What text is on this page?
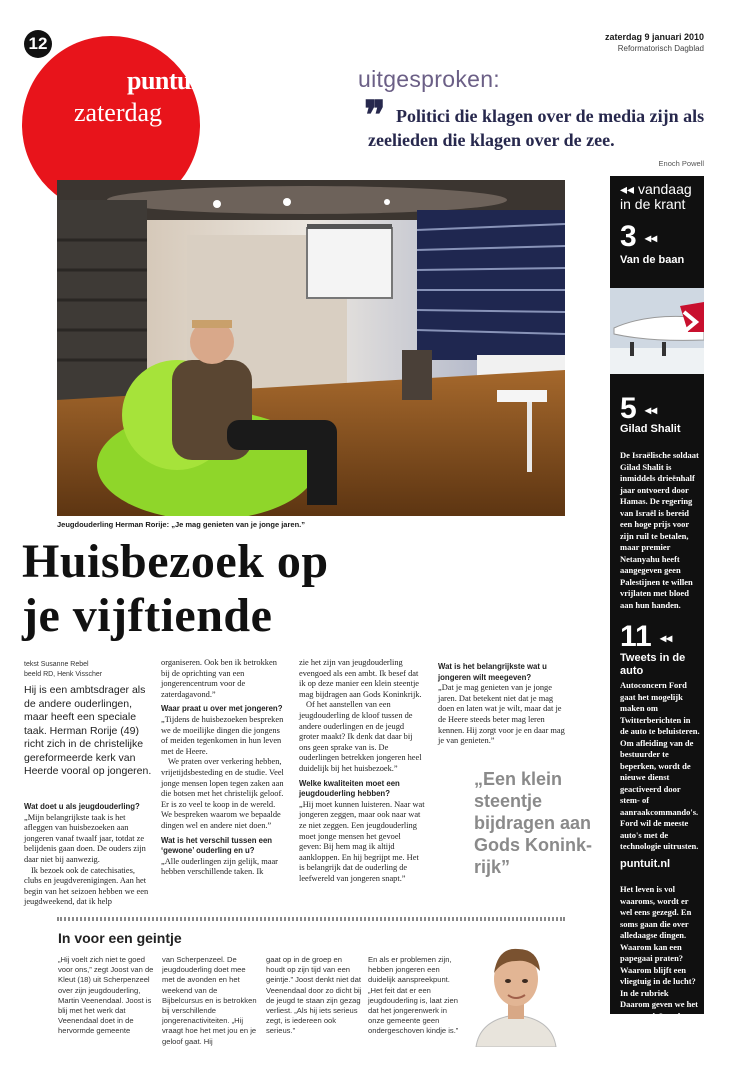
12
puntuit
zaterdag
zaterdag 9 januari 2010
Reformatorisch Dagblad
uitgesproken:
❞ Politici die klagen over de media zijn als zeelieden die klagen over de zee.
Enoch Powell
Jeugdouderling Herman Rorije: „Je mag genieten van je jonge jaren.”
Huisbezoek op
je vijftiende
◂◂ vandaag in de krant
3 ◂◂
Van de baan
5 ◂◂
Gilad Shalit
De Israëlische soldaat Gilad Shalit is inmiddels drieënhalf jaar ontvoerd door Hamas. De regering van Israël is bereid een hoge prijs voor zijn ruil te betalen, maar premier Netanyahu heeft aangegeven geen Palestijnen te willen vrijlaten met bloed aan hun handen.
11 ◂◂
Tweets in de auto
Autoconcern Ford gaat het mogelijk maken om Twitterberichten in de auto te beluisteren. Om afleiding van de bestuurder te beperken, wordt de nieuwe dienst geactiveerd door stem- of aanraakcommando's. Ford wil de meeste auto's met de technologie uitrusten.
puntuit.nl
Het leven is vol waaroms, wordt er wel eens gezegd. En soms gaan die over alledaagse dingen. Waarom kan een papegaai praten? Waarom blijft een vliegtuig in de lucht? In de rubriek Daarom geven we het antwoord. Lees het na op puntuit.nl.
tekst Susanne Rebel
beeld RD, Henk Visscher
Hij is een ambtsdrager als de andere ouderlingen, maar heeft een speciale taak. Herman Rorije (49) richt zich in de christelijke gereformeerde kerk van Heerde vooral op jongeren.
Wat doet u als jeugdouderling?

„Mijn belangrijkste taak is het afleggen van huisbezoeken aan jongeren vanaf twaalf jaar, totdat ze belijdenis gaan doen. De ouders zijn daar niet bij aanwezig.

Ik bezoek ook de catechisaties, clubs en jeugdverenigingen. Aan het begin van het seizoen hebben we een jeugdweekend, dat ik help

organiseren. Ook ben ik betrokken bij de oprichting van een jongerencentrum voor de zaterdagavond.”

Waar praat u over met jongeren?

„Tijdens de huisbezoeken bespreken we de moeilijke dingen die jongens of meiden tegenkomen in hun leven met de Heere.

We praten over verkering hebben, vrijetijdsbesteding en de studie. Veel jonge mensen lopen tegen zaken aan die botsen met het christelijk geloof. Er is zo veel te koop in de wereld. We bespreken waarom we bepaalde dingen wel en andere niet doen.”

Wat is het verschil tussen een ‘gewone’ ouderling en u?

„Alle ouderlingen zijn gelijk, maar hebben verschillende taken. Ik

zie het zijn van jeugdouderling evengoed als een ambt. Ik besef dat ik op deze manier een klein steentje mag bijdragen aan Gods Koninkrijk.

Of het aanstellen van een jeugdouderling de kloof tussen de andere ouderlingen en de jeugd groter maakt? Ik denk dat daar bij ons geen sprake van is. De ouderlingen betrekken jongeren heel duidelijk bij het huisbezoek.”

Welke kwaliteiten moet een jeugdouderling hebben?

„Hij moet kunnen luisteren. Naar wat jongeren zeggen, maar ook naar wat ze niet zeggen. Een jeugdouderling moet jonge mensen het gevoel geven: Bij hem mag ik altijd aankloppen. En hij begrijpt me. Het is belangrijk dat de ouderling de leefwereld van jongeren snapt.”

Wat is het belangrijkste wat u jongeren wilt meegeven?

„Dat je mag genieten van je jonge jaren. Dat betekent niet dat je mag doen en laten wat je wilt, maar dat je de Heere steeds beter mag leren kennen. Hij zorgt voor je en daar mag je van genieten.”

„Een klein steentje bijdragen aan Gods Konink-rijk”
In voor een geintje
„Hij voelt zich niet te goed voor ons,” zegt Joost van de Kleut (18) uit Scherpenzeel over zijn jeugdouderling, Martin Veenendaal. Joost is blij met het werk dat Veenendaal doet in de hervormde gemeente
van Scherpenzeel. De jeugdouderling doet mee met de avonden en het weekend van de Bijbelcursus en is betrokken bij verschillende jongerenactiviteiten. „Hij vraagt hoe het met jou en je geloof gaat. Hij
gaat op in de groep en houdt op zijn tijd van een geintje.” Joost denkt niet dat Veenendaal door zo dicht bij de jeugd te staan zijn gezag verliest. „Als hij iets serieus zegt, is iedereen ook serieus.”
En als er problemen zijn, hebben jongeren een duidelijk aanspreekpunt. „Het feit dat er een jeugdouderling is, laat zien dat het jongerenwerk in onze gemeente geen ondergeschoven kindje is.”
